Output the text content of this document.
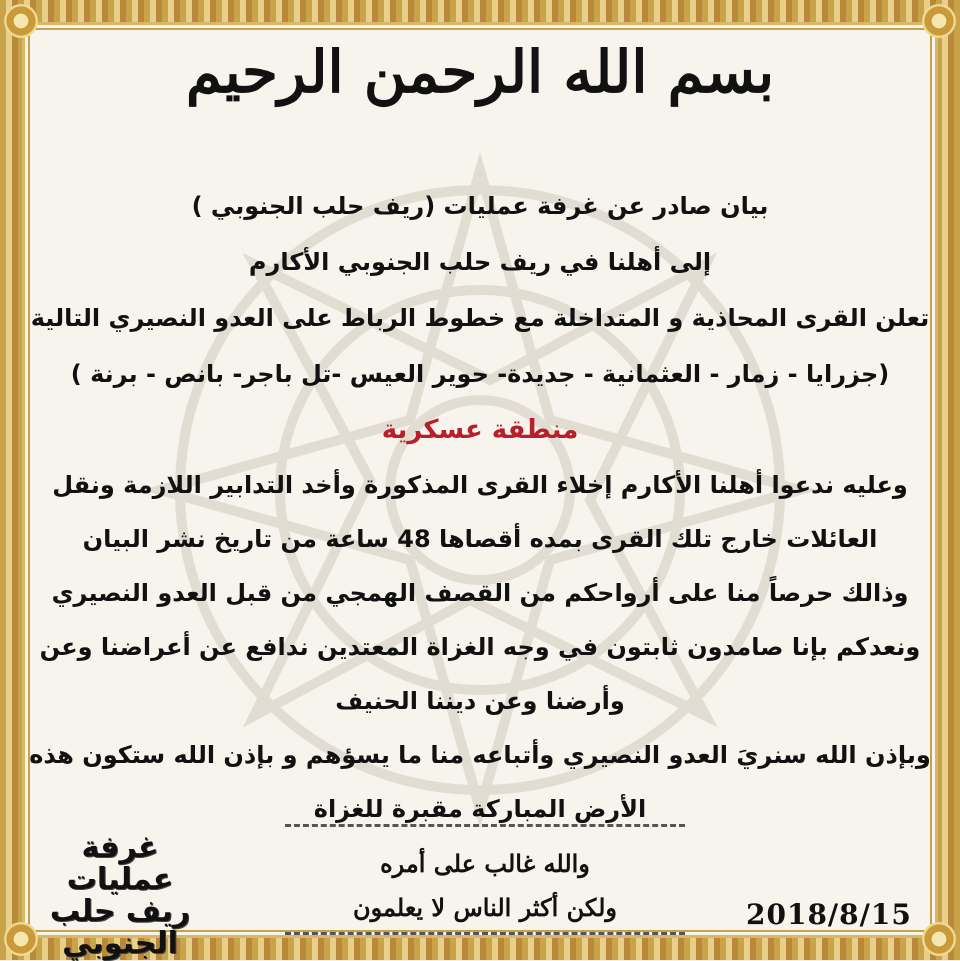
بسم الله الرحمن الرحيم
بيان صادر عن غرفة عمليات (ريف حلب الجنوبي )
إلى أهلنا في ريف حلب الجنوبي الأكارم
تعلن القرى المحاذية و المتداخلة مع خطوط الرباط على العدو النصيري التالية
(جزرايا - زمار - العثمانية - جديدة- حوير العيس -تل باجر- بانص - برنة )
منطقة عسكرية
وعليه ندعوا أهلنا الأكارم إخلاء القرى المذكورة وأخد التدابير اللازمة ونقل
العائلات خارج تلك القرى بمده أقصاها 48 ساعة من تاريخ نشر البيان
وذالك حرصاً منا على أرواحكم من القصف الهمجي من قبل العدو النصيري
ونعدكم بإنا صامدون ثابتون في وجه الغزاة المعتدين ندافع عن أعراضنا وعن
وأرضنا وعن ديننا الحنيف
وبإذن الله سنريَ العدو النصيري وأتباعه منا ما يسؤهم و بإذن الله ستكون هذه
الأرض المباركة مقبرة للغزاة
والله غالب على أمره
ولكن أكثر الناس لا يعلمون
غرفة عمليات
ريف حلب
الجنوبي
2018/8/15
